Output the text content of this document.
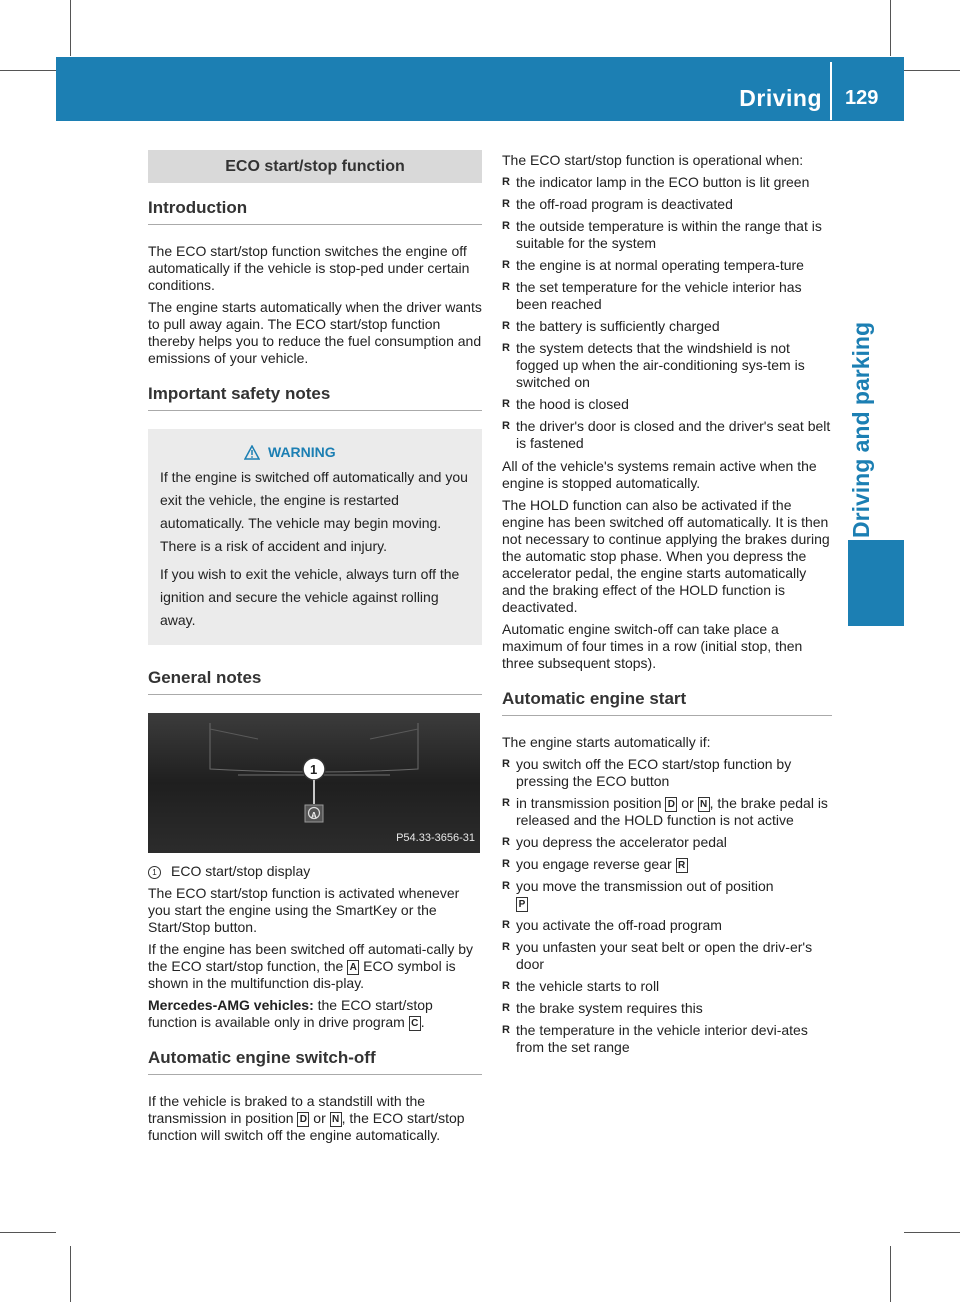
Driving 129
Driving and parking
ECO start/stop function
Introduction

The ECO start/stop function switches the engine off automatically if the vehicle is stop-ped under certain conditions.

The engine starts automatically when the driver wants to pull away again. The ECO start/stop function thereby helps you to reduce the fuel consumption and emissions of your vehicle.

Important safety notes
WARNING

If the engine is switched off automatically and you exit the vehicle, the engine is restarted automatically. The vehicle may begin moving. There is a risk of accident and injury.

If you wish to exit the vehicle, always turn off the ignition and secure the vehicle against rolling away.

General notes
1
A
P54.33-3656-31

1 ECO start/stop display

The ECO start/stop function is activated whenever you start the engine using the SmartKey or the Start/Stop button.

If the engine has been switched off automati-cally by the ECO start/stop function, the A ECO symbol is shown in the multifunction dis-play.

Mercedes-AMG vehicles: the ECO start/stop function is available only in drive program C .

Automatic engine switch-off

If the vehicle is braked to a standstill with the transmission in position D or N , the ECO start/stop function will switch off the engine automatically.

The ECO start/stop function is operational when:

R the indicator lamp in the ECO button is lit green
R the off-road program is deactivated
R the outside temperature is within the range that is suitable for the system
R the engine is at normal operating tempera-ture
R the set temperature for the vehicle interior has been reached
R the battery is sufficiently charged
R the system detects that the windshield is not fogged up when the air-conditioning sys-tem is switched on
R the hood is closed
R the driver's door is closed and the driver's seat belt is fastened

All of the vehicle's systems remain active when the engine is stopped automatically.

The HOLD function can also be activated if the engine has been switched off automatically. It is then not necessary to continue applying the brakes during the automatic stop phase. When you depress the accelerator pedal, the engine starts automatically and the braking effect of the HOLD function is deactivated.

Automatic engine switch-off can take place a maximum of four times in a row (initial stop, then three subsequent stops).

Automatic engine start

The engine starts automatically if:

R you switch off the ECO start/stop function by pressing the ECO button
R in transmission position D or N , the brake pedal is released and the HOLD function is not active
R you depress the accelerator pedal
R you engage reverse gear R
R you move the transmission out of position
P
R you activate the off-road program
R you unfasten your seat belt or open the driv-er's door
R the vehicle starts to roll
R the brake system requires this
R the temperature in the vehicle interior devi-ates from the set range
